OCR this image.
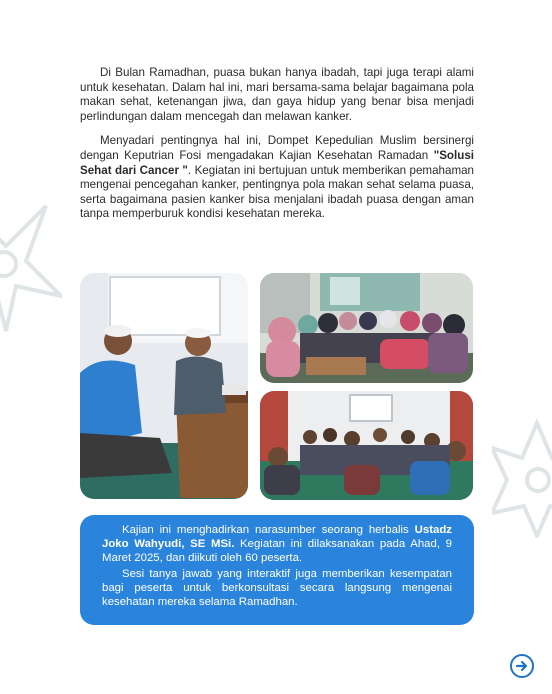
Di Bulan Ramadhan, puasa bukan hanya ibadah, tapi juga terapi alami untuk kesehatan. Dalam hal ini, mari bersama-sama belajar bagaimana pola makan sehat, ketenangan jiwa, dan gaya hidup yang benar bisa menjadi perlindungan dalam mencegah dan melawan kanker.

Menyadari pentingnya hal ini, Dompet Kepedulian Muslim bersinergi dengan Keputrian Fosi mengadakan Kajian Kesehatan Ramadan "Solusi Sehat dari Cancer ". Kegiatan ini bertujuan untuk memberikan pemahaman mengenai pencegahan kanker, pentingnya pola makan sehat selama puasa, serta bagaimana pasien kanker bisa menjalani ibadah puasa dengan aman tanpa memperburuk kondisi kesehatan mereka.

Kajian ini menghadirkan narasumber seorang herbalis Ustadz Joko Wahyudi, SE MSi. Kegiatan ini dilaksanakan pada Ahad, 9 Maret 2025, dan diikuti oleh 60 peserta.

Sesi tanya jawab yang interaktif juga memberikan kesempatan bagi peserta untuk berkonsultasi secara langsung mengenai kesehatan mereka selama Ramadhan.
